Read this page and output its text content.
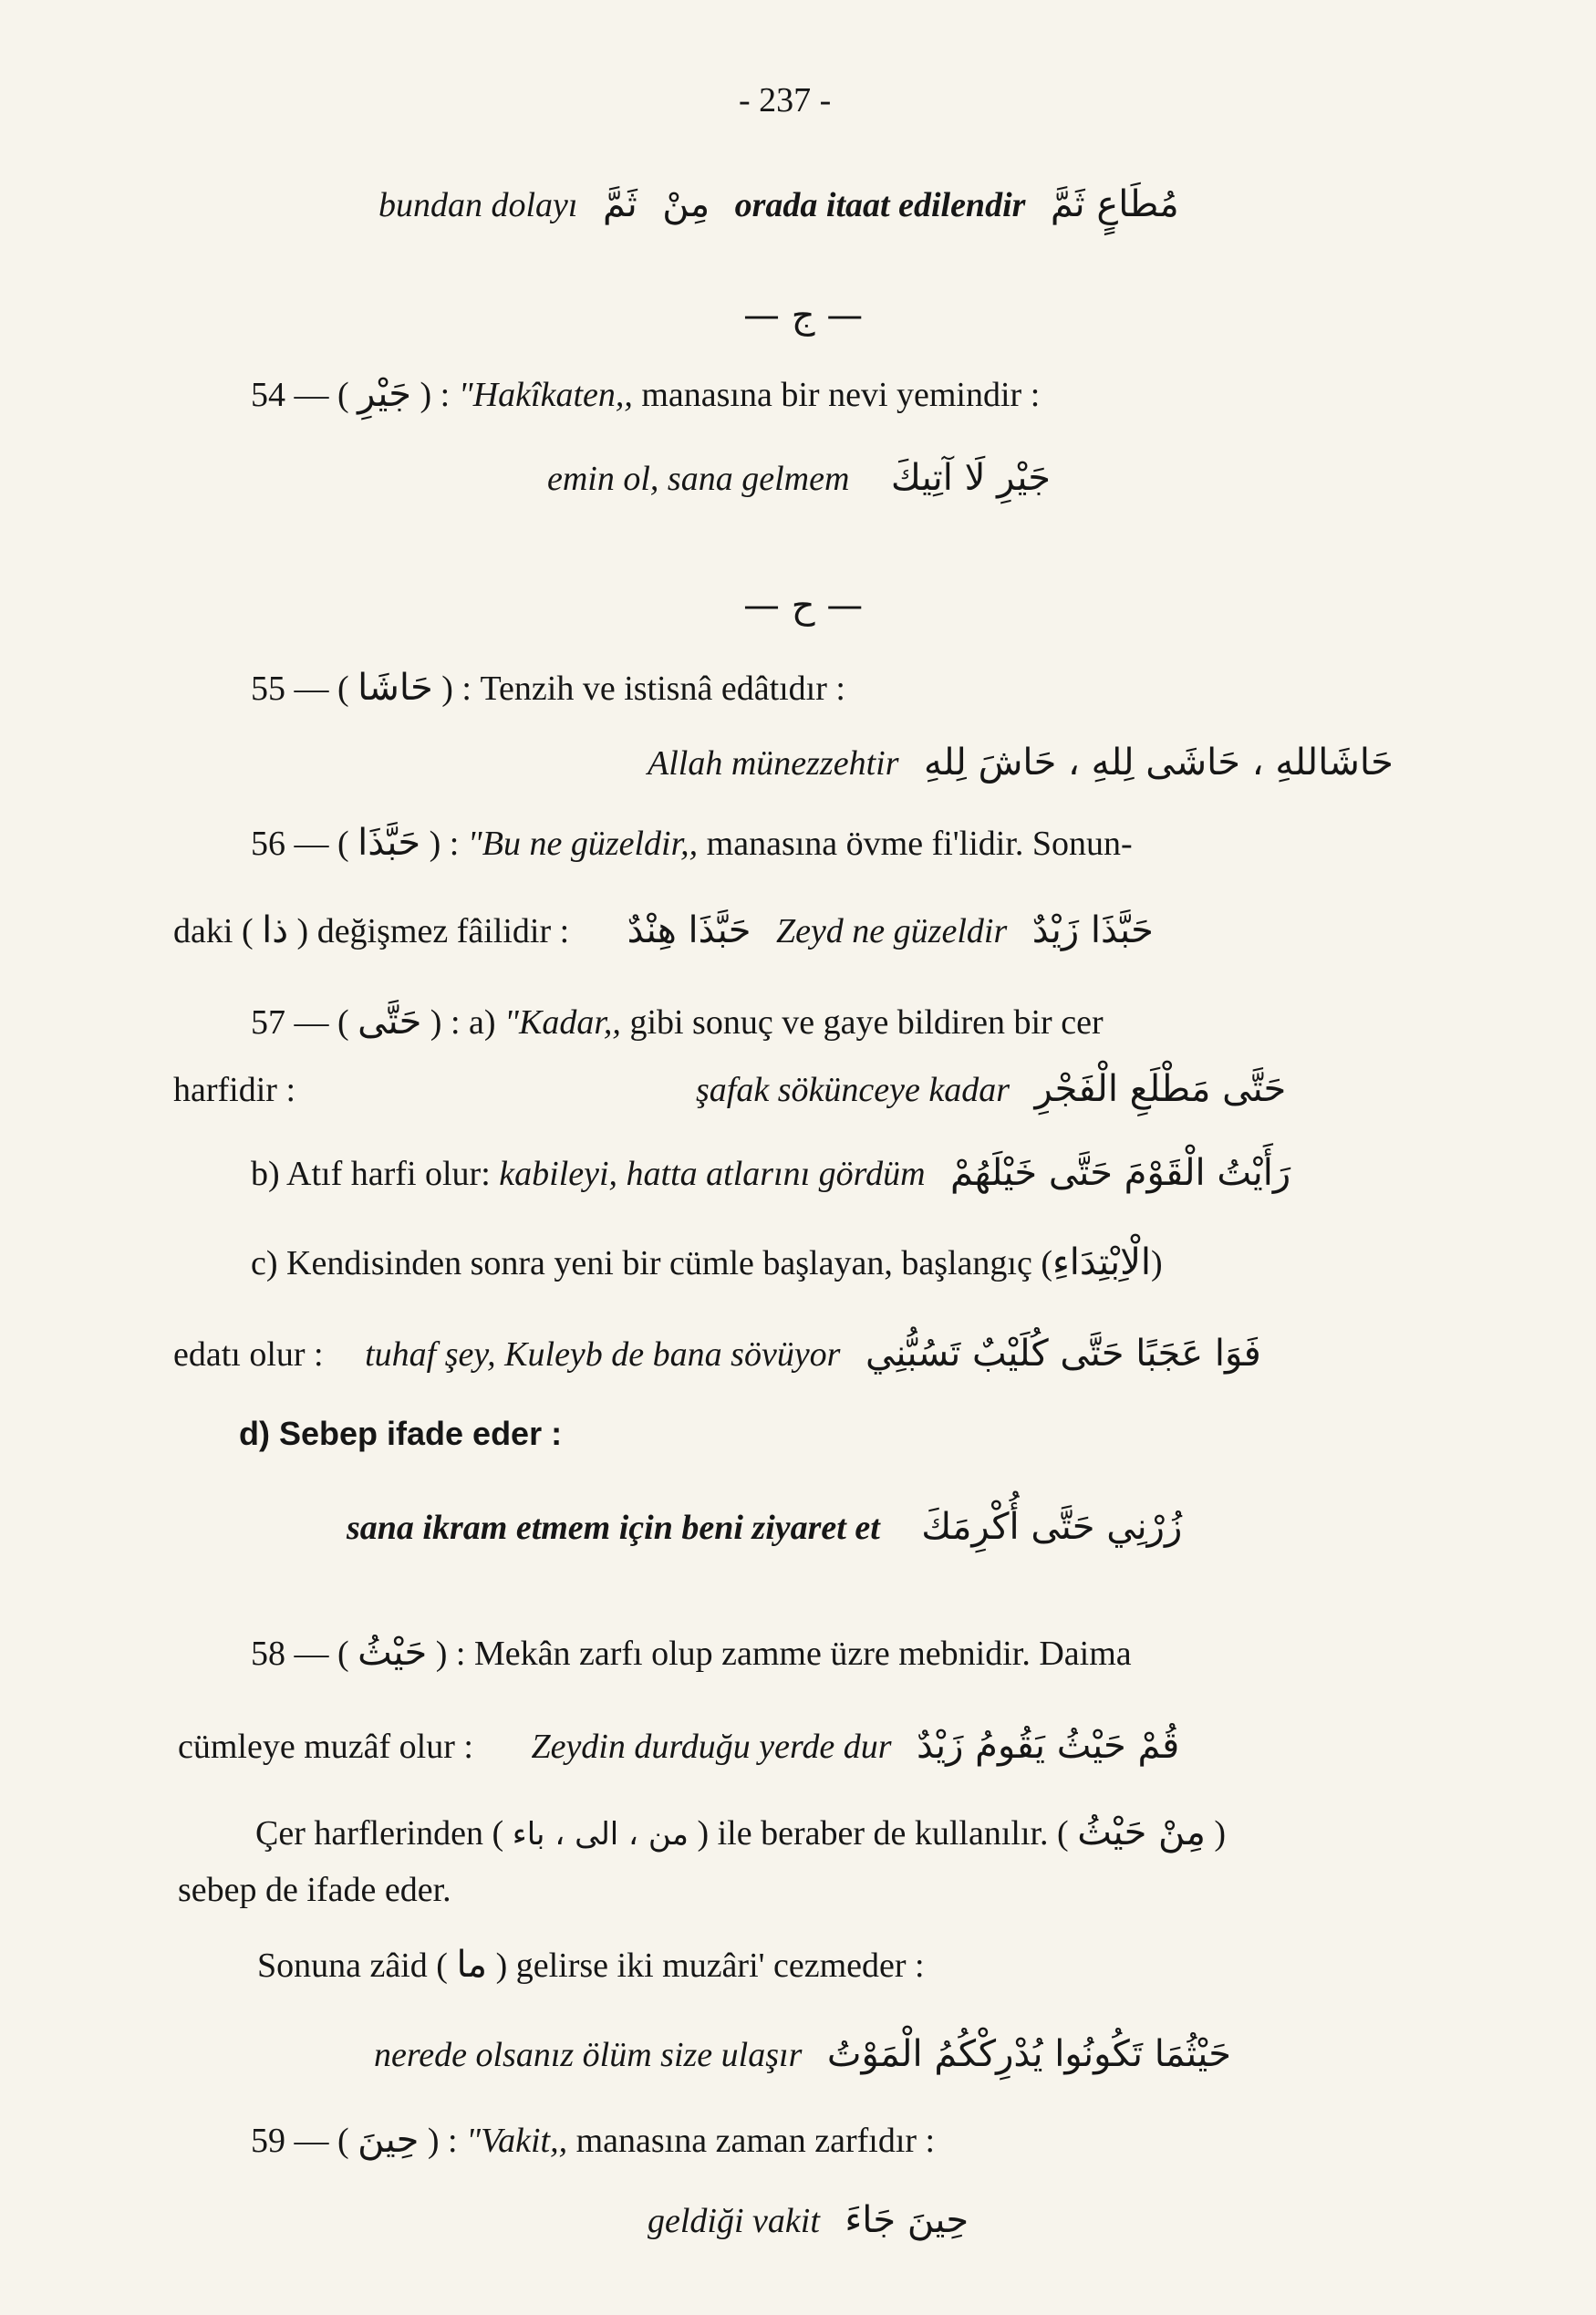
- 237 -
bundan dolayı ثَمَّ مِنْ orada itaat edilendir مُطَاعٍ ثَمَّ
— ج —
54 — ( جَيْرِ ) : "Hakîkaten,, manasına bir nevi yemindir :
emin ol, sana gelmem جَيْرِ لَا آتِيكَ
— ح —
55 — ( حَاشَا ) : Tenzih ve istisnâ edâtıdır :
Allah münezzehtir حَاشَاللهِ ، حَاشَى لِلهِ ، حَاشَ لِلهِ
56 — ( حَبَّذَا ) : "Bu ne güzeldir,, manasına övme fi'lidir. Sonun-
daki ( ذا ) değişmez fâilidir : حَبَّذَا هِنْدٌ Zeyd ne güzeldir حَبَّذَا زَيْدٌ
57 — ( حَتَّى ) : a) "Kadar,, gibi sonuç ve gaye bildiren bir cer
harfidir :	şafak sökünceye kadar حَتَّى مَطْلَعِ الْفَجْرِ
b) Atıf harfi olur: kabileyi, hatta atlarını gördüm رَأَيْتُ الْقَوْمَ حَتَّى خَيْلَهُمْ
c) Kendisinden sonra yeni bir cümle başlayan, başlangıç (الْاِبْتِدَاءِ)
edatı olur : tuhaf şey, Kuleyb de bana sövüyor فَوَا عَجَبًا حَتَّى كُلَيْبٌ تَسُبُّنِي
d) Sebep ifade eder :
sana ikram etmem için beni ziyaret et زُرْنِي حَتَّى أُكْرِمَكَ
58 — ( حَيْثُ ) : Mekân zarfı olup zamme üzre mebnidir. Daima
cümleye muzâf olur : Zeydin durduğu yerde dur قُمْ حَيْثُ يَقُومُ زَيْدٌ
Çer harflerinden ( من ، الى ، باء ) ile beraber de kullanılır. ( مِنْ حَيْثُ )
sebep de ifade eder.
Sonuna zâid ( ما ) gelirse iki muzâri' cezmeder :
nerede olsanız ölüm size ulaşır حَيْثُمَا تَكُونُوا يُدْرِكْكُمُ الْمَوْتُ
59 — ( حِينَ ) : "Vakit,, manasına zaman zarfıdır :
geldiği vakit حِينَ جَاءَ
